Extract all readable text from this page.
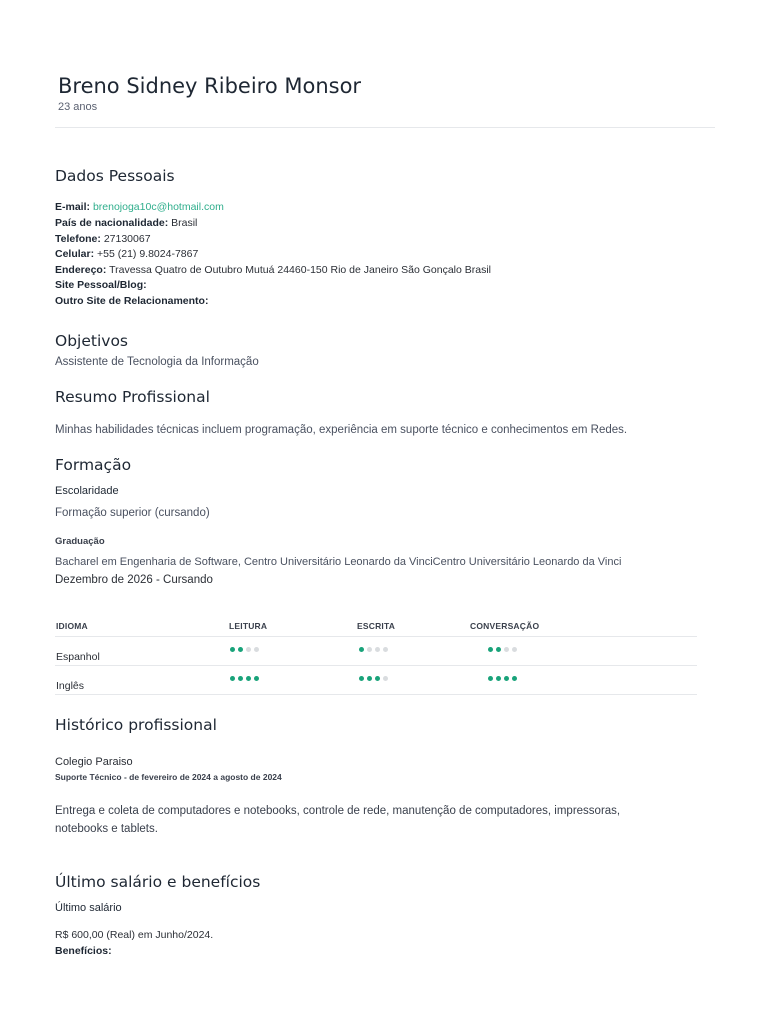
Breno Sidney Ribeiro Monsor
23 anos
Dados Pessoais
E-mail: brenojoga10c@hotmail.com
País de nacionalidade: Brasil
Telefone: 27130067
Celular: +55 (21) 9.8024-7867
Endereço: Travessa Quatro de Outubro Mutuá 24460-150 Rio de Janeiro São Gonçalo Brasil
Site Pessoal/Blog:
Outro Site de Relacionamento:
Objetivos
Assistente de Tecnologia da Informação
Resumo Profissional
Minhas habilidades técnicas incluem programação, experiência em suporte técnico e conhecimentos em Redes.
Formação
Escolaridade
Formação superior (cursando)
Graduação
Bacharel em Engenharia de Software, Centro Universitário Leonardo da VinciCentro Universitário Leonardo da Vinci
Dezembro de 2026 - Cursando
IDIOMA	LEITURA	ESCRITA	CONVERSAÇÃO
Espanhol
Inglês
Histórico profissional
Colegio Paraiso
Suporte Técnico - de fevereiro de 2024 a agosto de 2024
Entrega e coleta de computadores e notebooks, controle de rede, manutenção de computadores, impressoras, notebooks e tablets.
Último salário e benefícios
Último salário
R$ 600,00 (Real) em Junho/2024.
Benefícios:
